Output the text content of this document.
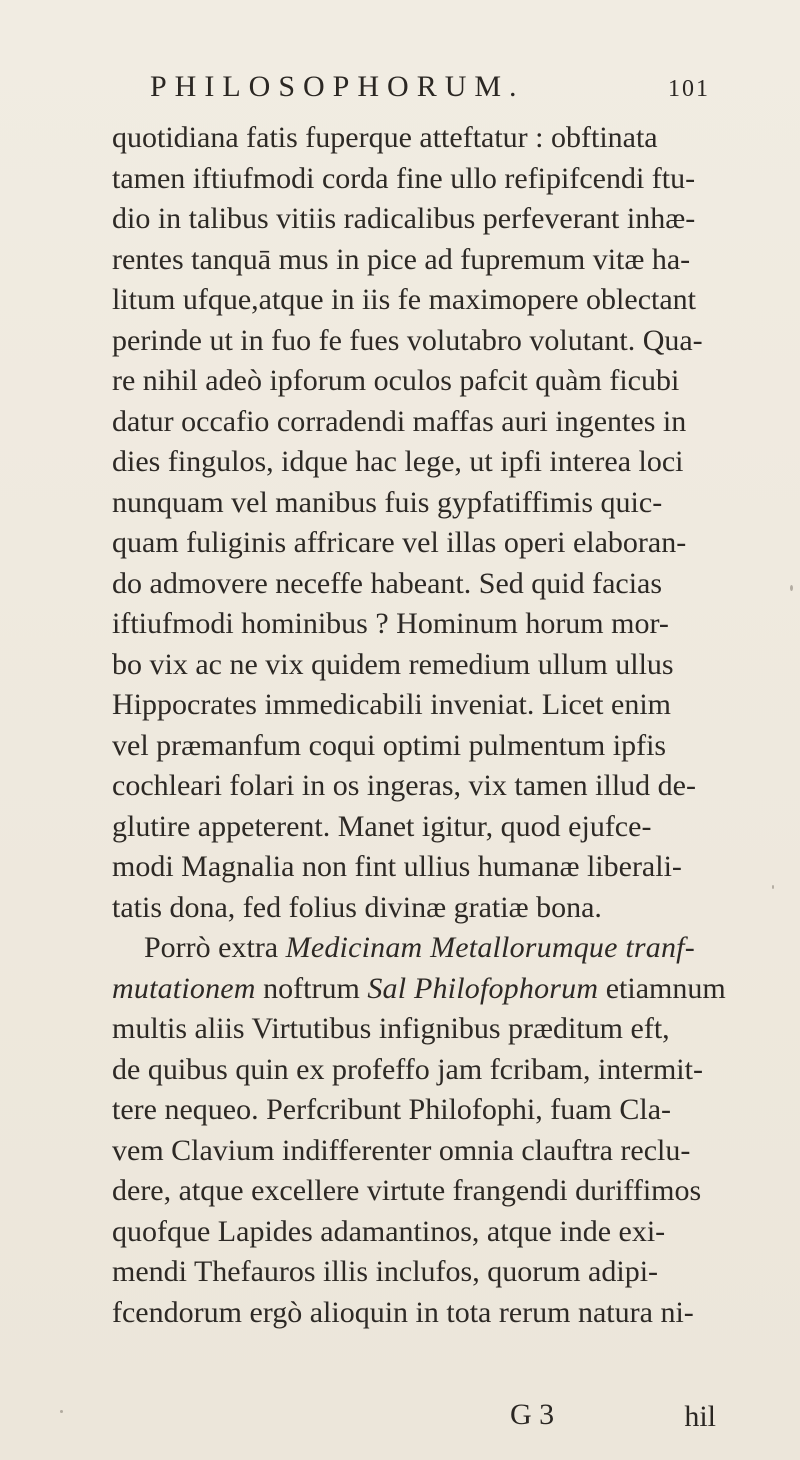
PHILOSOPHORUM.	101
quotidiana fatis fuperque atteftatur : obftinata
tamen iftiufmodi corda fine ullo refipifcendi ftu-
dio in talibus vitiis radicalibus perfeverant inhæ-
rentes tanquā mus in pice ad fupremum vitæ ha-
litum ufque,atque in iis fe maximopere oblectant
perinde ut in fuo fe fues volutabro volutant. Qua-
re nihil adeò ipforum oculos pafcit quàm ficubi
datur occafio corradendi maffas auri ingentes in
dies fingulos, idque hac lege, ut ipfi interea loci
nunquam vel manibus fuis gypfatiffimis quic-
quam fuliginis affricare vel illas operi elaboran-
do admovere neceffe habeant. Sed quid facias
iftiufmodi hominibus ? Hominum horum mor-
bo vix ac ne vix quidem remedium ullum ullus
Hippocrates immedicabili inveniat. Licet enim
vel præmanfum coqui optimi pulmentum ipfis
cochleari folari in os ingeras, vix tamen illud de-
glutire appeterent. Manet igitur, quod ejufce-
modi Magnalia non fint ullius humanæ liberali-
tatis dona, fed folius divinæ gratiæ bona.
Porrò extra Medicinam Metallorumque tranf-
mutationem noftrum Sal Philofophorum etiamnum
multis aliis Virtutibus infignibus præditum eft,
de quibus quin ex profeffo jam fcribam, intermit-
tere nequeo. Perfcribunt Philofophi, fuam Cla-
vem Clavium indifferenter omnia clauftra reclu-
dere, atque excellere virtute frangendi duriffimos
quofque Lapides adamantinos, atque inde exi-
mendi Thefauros illis inclufos, quorum adipi-
fcendorum ergò alioquin in tota rerum natura ni-
G 3	hil
